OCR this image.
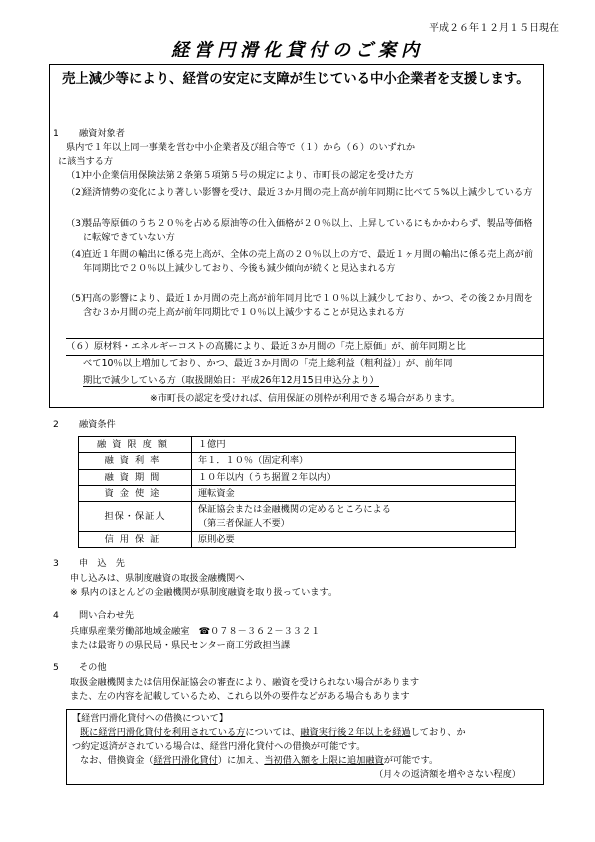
平成２６年１２月１５日現在
経営円滑化貸付のご案内
売上減少等により、経営の安定に支障が生じている中小企業者を支援します。
1 融資対象者
県内で１年以上同一事業を営む中小企業者及び組合等で（１）から（６）のいずれか
に該当する方
（1）
中小企業信用保険法第２条第５項第５号の規定により、市町長の認定を受けた方
（2）
経済情勢の変化により著しい影響を受け、最近３か月間の売上高が前年同期に比べて５%以上減少している方
（3）
製品等原価のうち２０％を占める原油等の仕入価格が２０％以上、上昇しているにもかかわらず、製品等価格に転嫁できていない方
（4）
直近１年間の輸出に係る売上高が、全体の売上高の２０％以上の方で、最近１ヶ月間の輸出に係る売上高が前年同期比で２０％以上減少しており、今後も減少傾向が続くと見込まれる方
（5）
円高の影響により、最近１か月間の売上高が前年同月比で１０％以上減少しており、かつ、その後２か月間を含む３か月間の売上高が前年同期比で１０％以上減少することが見込まれる方
（６）原材料・エネルギーコストの高騰により、最近３か月間の「売上原価」が、前年同期と比
べて10％以上増加しており、かつ、最近３か月間の「売上総利益（粗利益）」が、前年同
期比で減少している方（取扱開始日：平成26年12月15日申込分より）
※市町長の認定を受ければ、信用保証の別枠が利用できる場合があります。
2 融資条件
融資限度額	１億円
融資利率	年１．１０％（固定利率）
融資期間	１０年以内（うち据置２年以内）
資金使途	運転資金
担保・保証人	保証協会または金融機関の定めるところによる
（第三者保証人不要）

信用保証	原則必要
3 申　込　先
申し込みは、県制度融資の取扱金融機関へ
※ 県内のほとんどの金融機関が県制度融資を取り扱っています。
4 問い合わせ先
兵庫県産業労働部地域金融室　☎０７８－３６２－３３２１
または最寄りの県民局・県民センター商工労政担当課
5 その他
取扱金融機関または信用保証協会の審査により、融資を受けられない場合があります
また、左の内容を記載しているため、これら以外の要件などがある場合もあります
【経営円滑化貸付への借換について】
既に経営円滑化貸付を利用されている方については、融資実行後２年以上を経過しており、か
つ約定返済がされている場合は、経営円滑化貸付への借換が可能です。
なお、借換資金（経営円滑化貸付）に加え、当初借入額を上限に追加融資が可能です。
（月々の返済額を増やさない程度）
